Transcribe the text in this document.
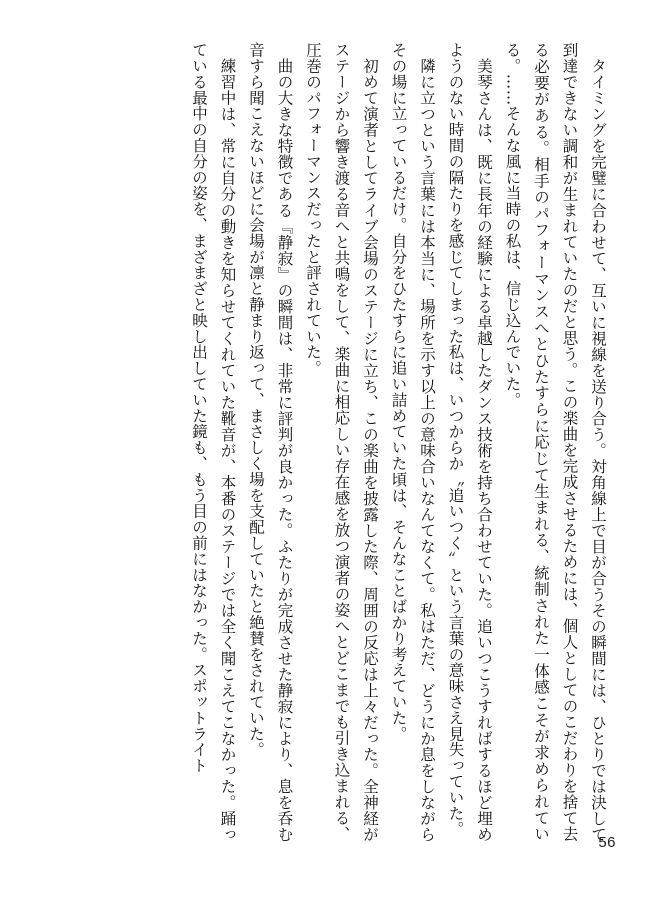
タイミングを完璧に合わせて、互いに視線を送り合う。対角線上で目が合うその瞬間には、ひとりでは決して到達できない調和が生まれていたのだと思う。この楽曲を完成させるためには、個人としてのこだわりを捨て去る必要がある。相手のパフォーマンスへとひたすらに応じて生まれる、統制された一体感こそが求められている。……そんな風に当時の私は、信じ込んでいた。

美琴さんは、既に長年の経験による卓越したダンス技術を持ち合わせていた。追いつこうすればするほど埋めようのない時間の隔たりを感じてしまった私は、いつからか〝追いつく〟という言葉の意味さえ見失っていた。

隣に立つという言葉には本当に、場所を示す以上の意味合いなんてなくて。私はただ、どうにか息をしながらその場に立っているだけ。自分をひたすらに追い詰めていた頃は、そんなことばかり考えていた。

初めて演者としてライブ会場のステージに立ち、この楽曲を披露した際、周囲の反応は上々だった。全神経がステージから響き渡る音へと共鳴をして、楽曲に相応しい存在感を放つ演者の姿へとどこまでも引き込まれる、圧巻のパフォーマンスだったと評されていた。

曲の大きな特徴である『静寂』の瞬間は、非常に評判が良かった。ふたりが完成させた静寂により、息を呑む音すら聞こえないほどに会場が凛と静まり返って、まさしく場を支配していたと絶賛をされていた。

練習中は、常に自分の動きを知らせてくれていた靴音が、本番のステージでは全く聞こえてこなかった。踊っている最中の自分の姿を、まざまざと映し出していた鏡も、もう目の前にはなかった。スポットライト

56
